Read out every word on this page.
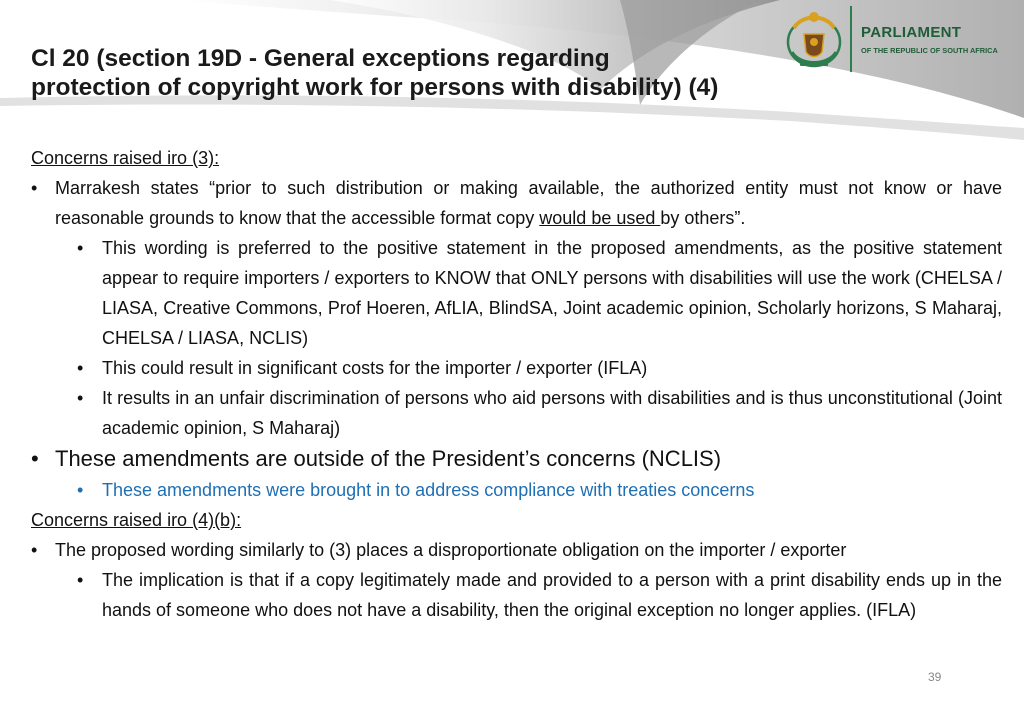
Cl 20 (section 19D - General exceptions regarding
protection of copyright work for persons with disability) (4)
PARLIAMENT
OF THE REPUBLIC OF SOUTH AFRICA
Concerns raised iro (3):
• Marrakesh states “prior to such distribution or making available, the authorized entity must not know or have reasonable grounds to know that the accessible format copy would be used by others”.
• This wording is preferred to the positive statement in the proposed amendments, as the positive statement appear to require importers / exporters to KNOW that ONLY persons with disabilities will use the work (CHELSA / LIASA, Creative Commons, Prof Hoeren, AfLIA, BlindSA, Joint academic opinion, Scholarly horizons, S Maharaj, CHELSA / LIASA, NCLIS)
• This could result in significant costs for the importer / exporter (IFLA)
• It results in an unfair discrimination of persons who aid persons with disabilities and is thus unconstitutional (Joint academic opinion, S Maharaj)
• These amendments are outside of the President’s concerns (NCLIS)
• These amendments were brought in to address compliance with treaties concerns
Concerns raised iro (4)(b):
• The proposed wording similarly to (3) places a disproportionate obligation on the importer / exporter
• The implication is that if a copy legitimately made and provided to a person with a print disability ends up in the hands of someone who does not have a disability, then the original exception no longer applies. (IFLA)
39
